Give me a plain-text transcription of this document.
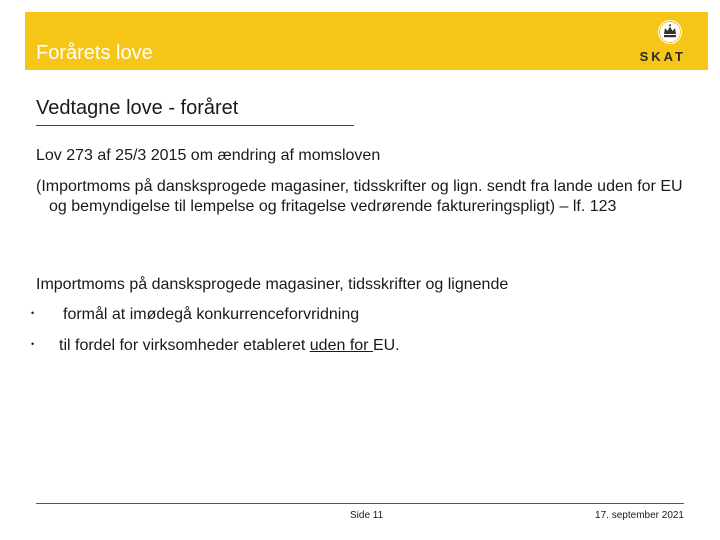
Forårets love	SKAT
Vedtagne love - foråret
Lov 273 af 25/3 2015 om ændring af momsloven
(Importmoms på dansksprogede magasiner, tidsskrifter og lign. sendt fra lande uden for EU og bemyndigelse til lempelse og fritagelse vedrørende faktureringspligt) – lf. 123
Importmoms på dansksprogede magasiner, tidsskrifter og lignende
• formål at imødegå konkurrenceforvridning
• til fordel for virksomheder etableret uden for EU.
Side 11	17. september 2021
